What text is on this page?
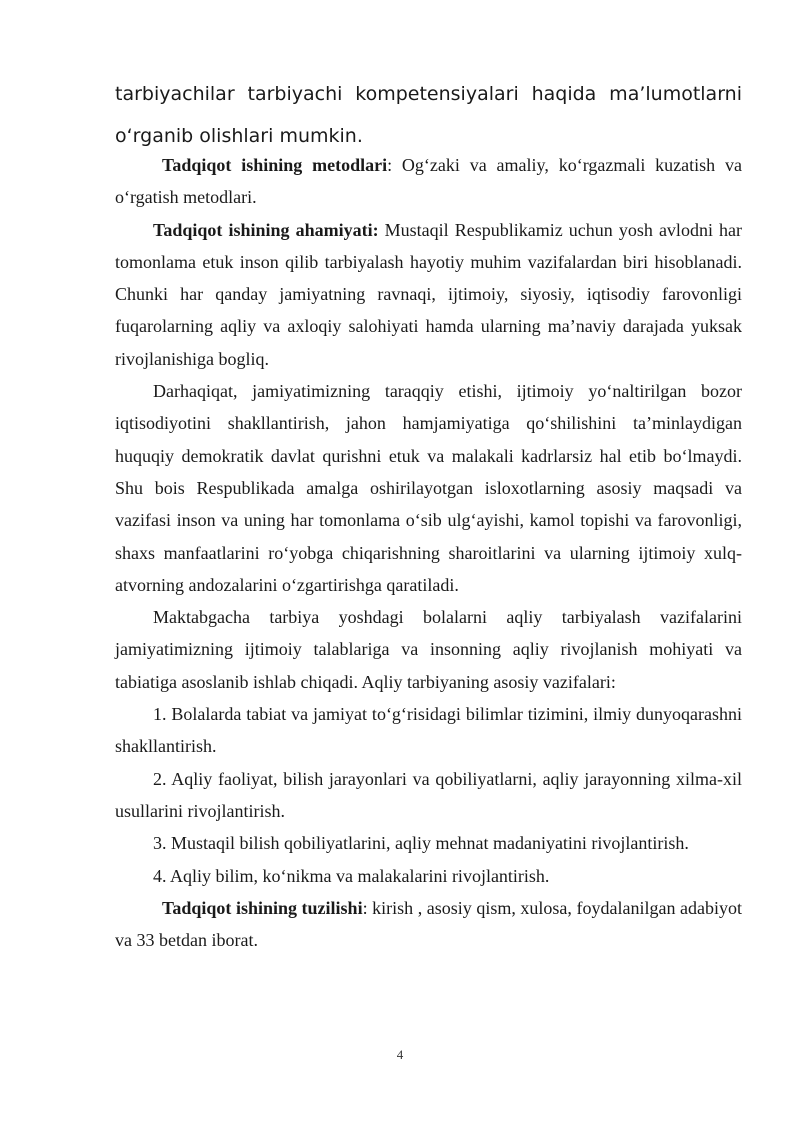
tarbiyachilar tarbiyachi kompetensiyalari haqida ma’lumotlarni o‘rganib olishlari mumkin.

Tadqiqot ishining metodlari: Og‘zaki va amaliy, ko‘rgazmali kuzatish va o‘rgatish metodlari.

Tadqiqot ishining ahamiyati: Mustaqil Respublikamiz uchun yosh avlodni har tomonlama etuk inson qilib tarbiyalash hayotiy muhim vazifalardan biri hisoblanadi. Chunki har qanday jamiyatning ravnaqi, ijtimoiy, siyosiy, iqtisodiy farovonligi fuqarolarning aqliy va axloqiy salohiyati hamda ularning ma’naviy darajada yuksak rivojlanishiga bogliq.

Darhaqiqat, jamiyatimizning taraqqiy etishi, ijtimoiy yo‘naltirilgan bozor iqtisodiyotini shakllantirish, jahon hamjamiyatiga qo‘shilishini ta’minlaydigan huquqiy demokratik davlat qurishni etuk va malakali kadrlarsiz hal etib bo‘lmaydi. Shu bois Respublikada amalga oshirilayotgan isloxotlarning asosiy maqsadi va vazifasi inson va uning har tomonlama o‘sib ulg‘ayishi, kamol topishi va farovonligi, shaxs manfaatlarini ro‘yobga chiqarishning sharoitlarini va ularning ijtimoiy xulq- atvorning andozalarini o‘zgartirishga qaratiladi.

Maktabgacha tarbiya yoshdagi bolalarni aqliy tarbiyalash vazifalarini jamiyatimizning ijtimoiy talablariga va insonning aqliy rivojlanish mohiyati va tabiatiga asoslanib ishlab chiqadi. Aqliy tarbiyaning asosiy vazifalari:

1. Bolalarda tabiat va jamiyat to‘g‘risidagi bilimlar tizimini, ilmiy dunyoqarashni shakllantirish.

2. Aqliy faoliyat, bilish jarayonlari va qobiliyatlarni, aqliy jarayonning xilma-xil usullarini rivojlantirish.

3. Mustaqil bilish qobiliyatlarini, aqliy mehnat madaniyatini rivojlantirish.

4. Aqliy bilim, ko‘nikma va malakalarini rivojlantirish.

Tadqiqot ishining tuzilishi: kirish , asosiy qism, xulosa, foydalanilgan adabiyot va 33 betdan iborat.

4
